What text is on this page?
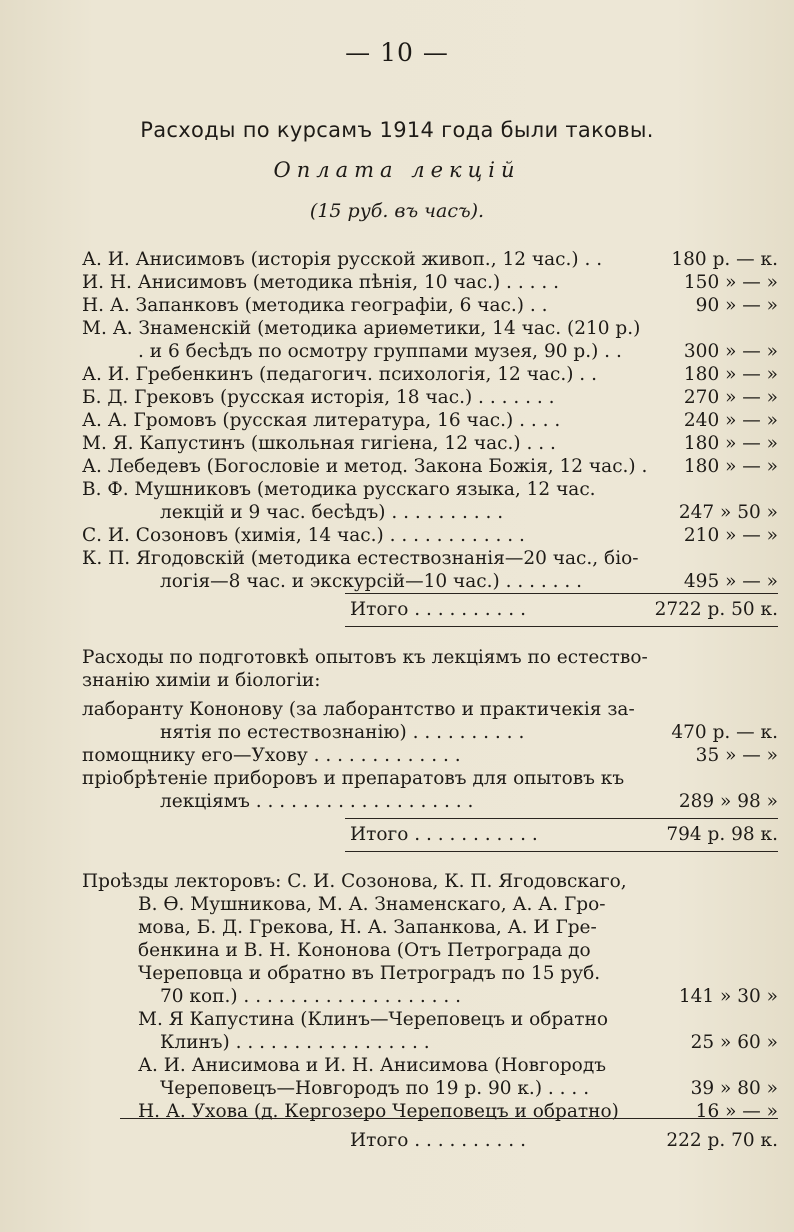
— 10 —
Расходы по курсамъ 1914 года были таковы.
Оплата лекцій
(15 руб. въ часъ).
А. И. Анисимовъ (исторія русской живоп., 12 час.) . .	180 р. — к.
И. Н. Анисимовъ (методика пѣнія, 10 час.) . . . . .	150 » — »
Н. А. Запанковъ (методика географіи, 6 час.) . .	90 » — »
М. А. Знаменскій (методика ариѳметики, 14 час. (210 р.)
. и 6 бесѣдъ по осмотру группами музея, 90 р.) . .	300 » — »
А. И. Гребенкинъ (педагогич. психологія, 12 час.) . .	180 » — »
Б. Д. Грековъ (русская исторія, 18 час.) . . . . . . .	270 » — »
А. А. Громовъ (русская литература, 16 час.) . . . .	240 » — »
М. Я. Капустинъ (школьная гигіена, 12 час.) . . .	180 » — »
А. Лебедевъ (Богословіе и метод. Закона Божія, 12 час.) . 180 » — »
В. Ф. Мушниковъ (методика русскаго языка, 12 час.
лекцій и 9 час. бесѣдъ) . . . . . . . . . .	247 » 50 »
С. И. Созоновъ (химія, 14 час.) . . . . . . . . . . . .	210 » — »
К. П. Ягодовскій (методика естествознанія—20 час., біо-
логія—8 час. и экскурсій—10 час.) . . . . . . .	495 » — »
Итого . . . . . . . . . .	2722 р. 50 к.
Расходы по подготовкѣ опытовъ къ лекціямъ по естество-
знанію химіи и біологіи:
лаборанту Кононову (за лаборантство и практичекія за-
нятія по естествознанію) . . . . . . . . . .	470 р. — к.
помощнику его—Ухову . . . . . . . . . . . . .	35 » — »
пріобрѣтеніе приборовъ и препаратовъ для опытовъ къ
лекціямъ . . . . . . . . . . . . . . . . . . .	289 » 98 »
Итого . . . . . . . . . . .	794 р. 98 к.
Проѣзды лекторовъ: С. И. Созонова, К. П. Ягодовскаго,
В. Ѳ. Мушникова, М. А. Знаменскаго, А. А. Гро-
мова, Б. Д. Грекова, Н. А. Запанкова, А. И Гре-
бенкина и В. Н. Кононова (Отъ Петрограда до
Череповца и обратно въ Петроградъ по 15 руб.
70 коп.) . . . . . . . . . . . . . . . . . . .	141 » 30 »
М. Я Капустина (Клинъ—Череповецъ и обратно
Клинъ) . . . . . . . . . . . . . . . . .	25 » 60 »
А. И. Анисимова и И. Н. Анисимова (Новгородъ
Череповецъ—Новгородъ по 19 р. 90 к.) . . . .	39 » 80 »
Н. А. Ухова (д. Кергозеро Череповецъ и обратно)	16 » — »
Итого . . . . . . . . . .	222 р. 70 к.
